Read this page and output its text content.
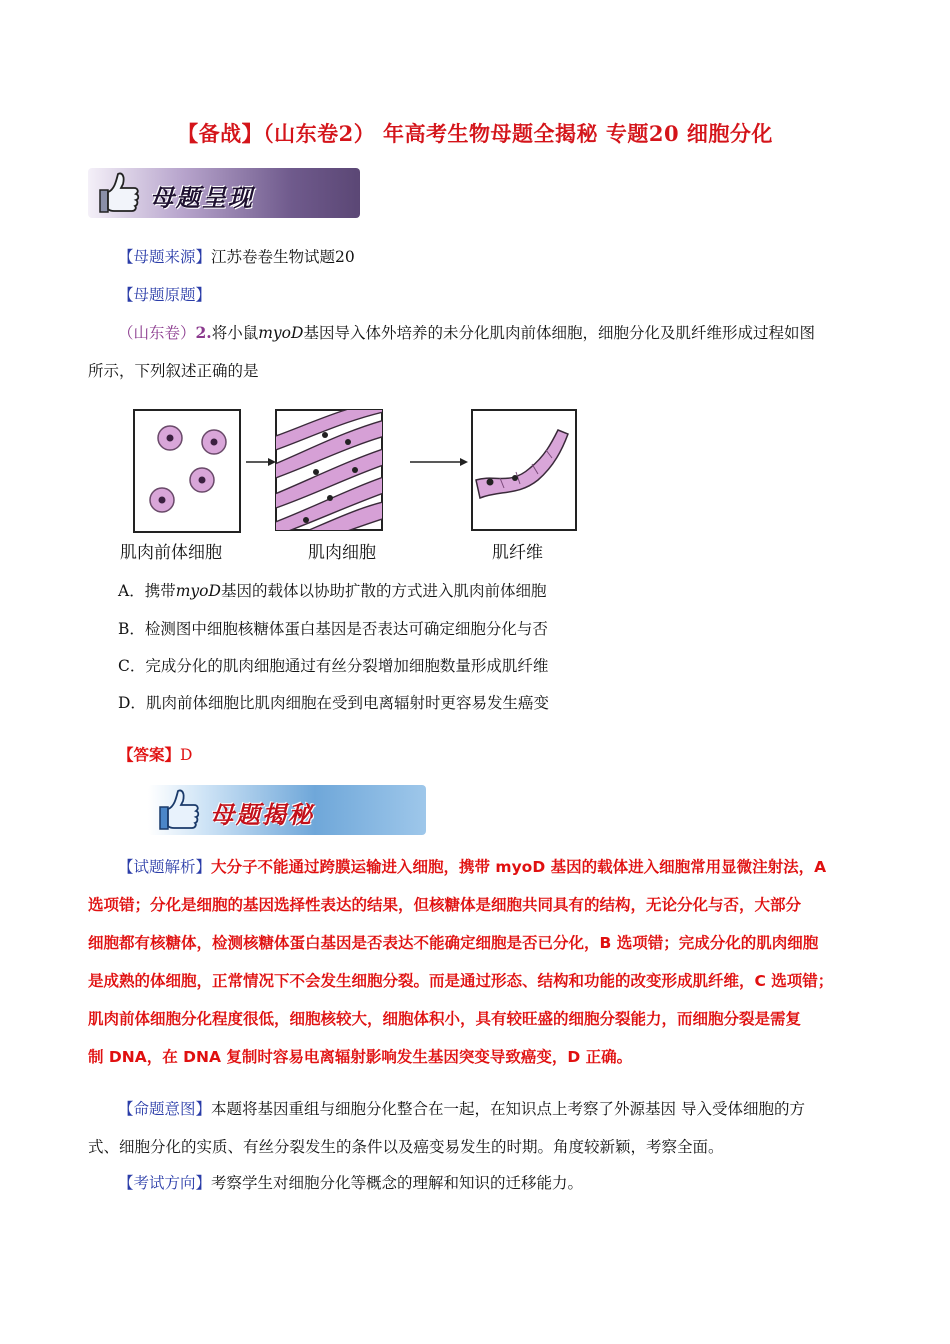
【备战】（山东卷2） 年高考生物母题全揭秘 专题20 细胞分化
母题呈现
【母题来源】江苏卷卷生物试题20
【母题原题】
（山东卷）2.将小鼠myoD基因导入体外培养的未分化肌肉前体细胞，细胞分化及肌纤维形成过程如图
所示，下列叙述正确的是
肌肉前体细胞	肌肉细胞	肌纤维
A．携带myoD基因的载体以协助扩散的方式进入肌肉前体细胞
B．检测图中细胞核糖体蛋白基因是否表达可确定细胞分化与否
C．完成分化的肌肉细胞通过有丝分裂增加细胞数量形成肌纤维
D．肌肉前体细胞比肌肉细胞在受到电离辐射时更容易发生癌变
【答案】D
母题揭秘
【试题解析】大分子不能通过跨膜运输进入细胞，携带 myoD 基因的载体进入细胞常用显微注射法，A
选项错；分化是细胞的基因选择性表达的结果，但核糖体是细胞共同具有的结构，无论分化与否，大部分
细胞都有核糖体，检测核糖体蛋白基因是否表达不能确定细胞是否已分化，B 选项错；完成分化的肌肉细胞
是成熟的体细胞，正常情况下不会发生细胞分裂。而是通过形态、结构和功能的改变形成肌纤维，C 选项错；
肌肉前体细胞分化程度很低，细胞核较大，细胞体积小，具有较旺盛的细胞分裂能力，而细胞分裂是需复
制 DNA，在 DNA 复制时容易电离辐射影响发生基因突变导致癌变，D 正确。
【命题意图】本题将基因重组与细胞分化整合在一起，在知识点上考察了外源基因 导入受体细胞的方
式、细胞分化的实质、有丝分裂发生的条件以及癌变易发生的时期。角度较新颖，考察全面。
【考试方向】考察学生对细胞分化等概念的理解和知识的迁移能力。
